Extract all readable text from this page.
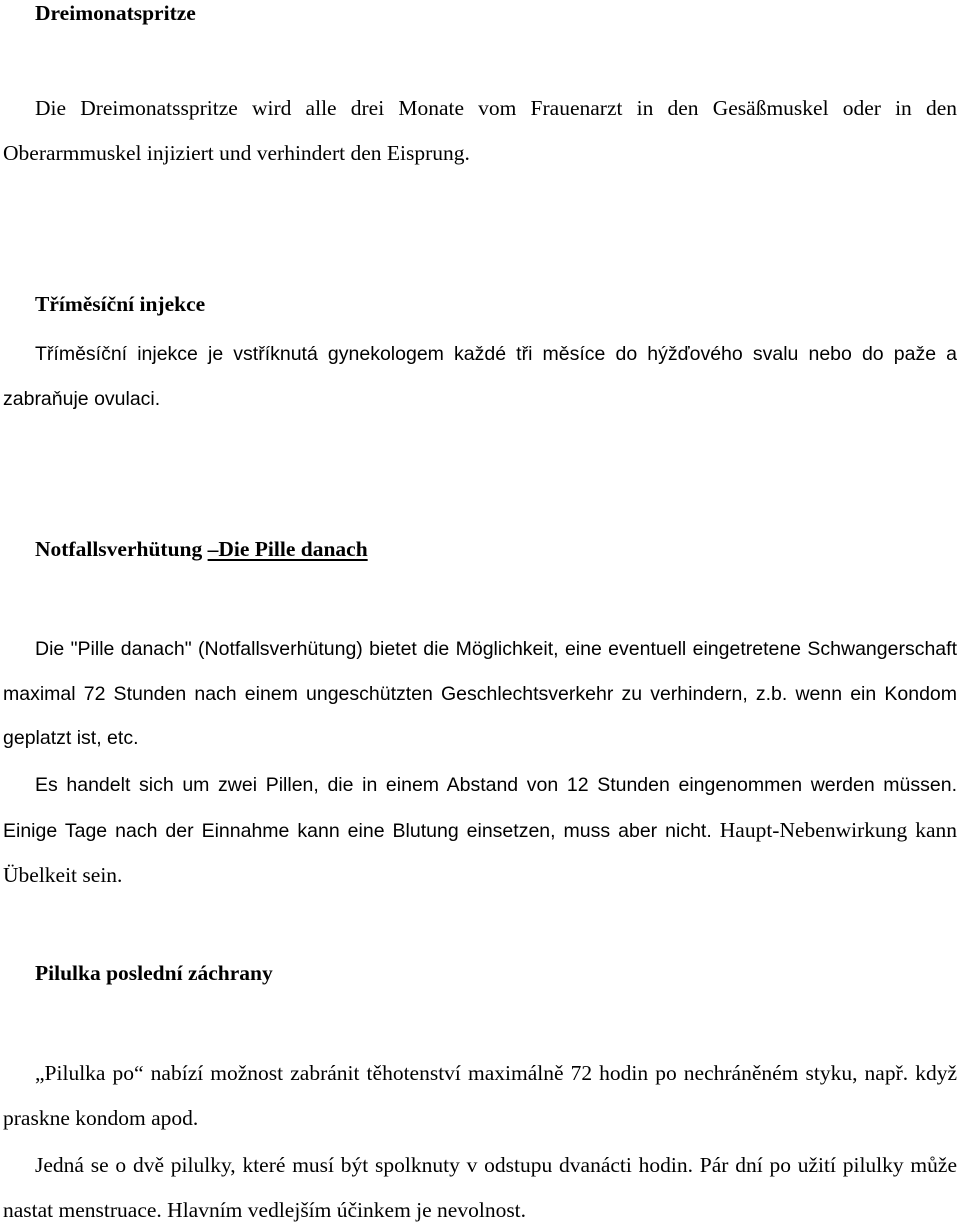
Dreimonatspritze

Die Dreimonatsspritze wird alle drei Monate vom Frauenarzt in den Gesäßmuskel oder in den Oberarmmuskel injiziert und verhindert den Eisprung.

Tříměsíční injekce

Tříměsíční injekce je vstříknutá gynekologem každé tři měsíce do hýžďového svalu nebo do paže a zabraňuje ovulaci.

Notfallsverhütung –Die Pille danach

Die "Pille danach" (Notfallsverhütung) bietet die Möglichkeit, eine eventuell eingetretene Schwangerschaft maximal 72 Stunden nach einem ungeschützten Geschlechtsverkehr zu verhindern, z.b. wenn ein Kondom geplatzt ist, etc.

Es handelt sich um zwei Pillen, die in einem Abstand von 12 Stunden eingenommen werden müssen. Einige Tage nach der Einnahme kann eine Blutung einsetzen, muss aber nicht. Haupt-Nebenwirkung kann Übelkeit sein.

Pilulka poslední záchrany

„Pilulka po“ nabízí možnost zabránit těhotenství maximálně 72 hodin po nechráněném styku, např. když praskne kondom apod.

Jedná se o dvě pilulky, které musí být spolknuty v odstupu dvanácti hodin. Pár dní po užití pilulky může nastat menstruace. Hlavním vedlejším účinkem je nevolnost.
